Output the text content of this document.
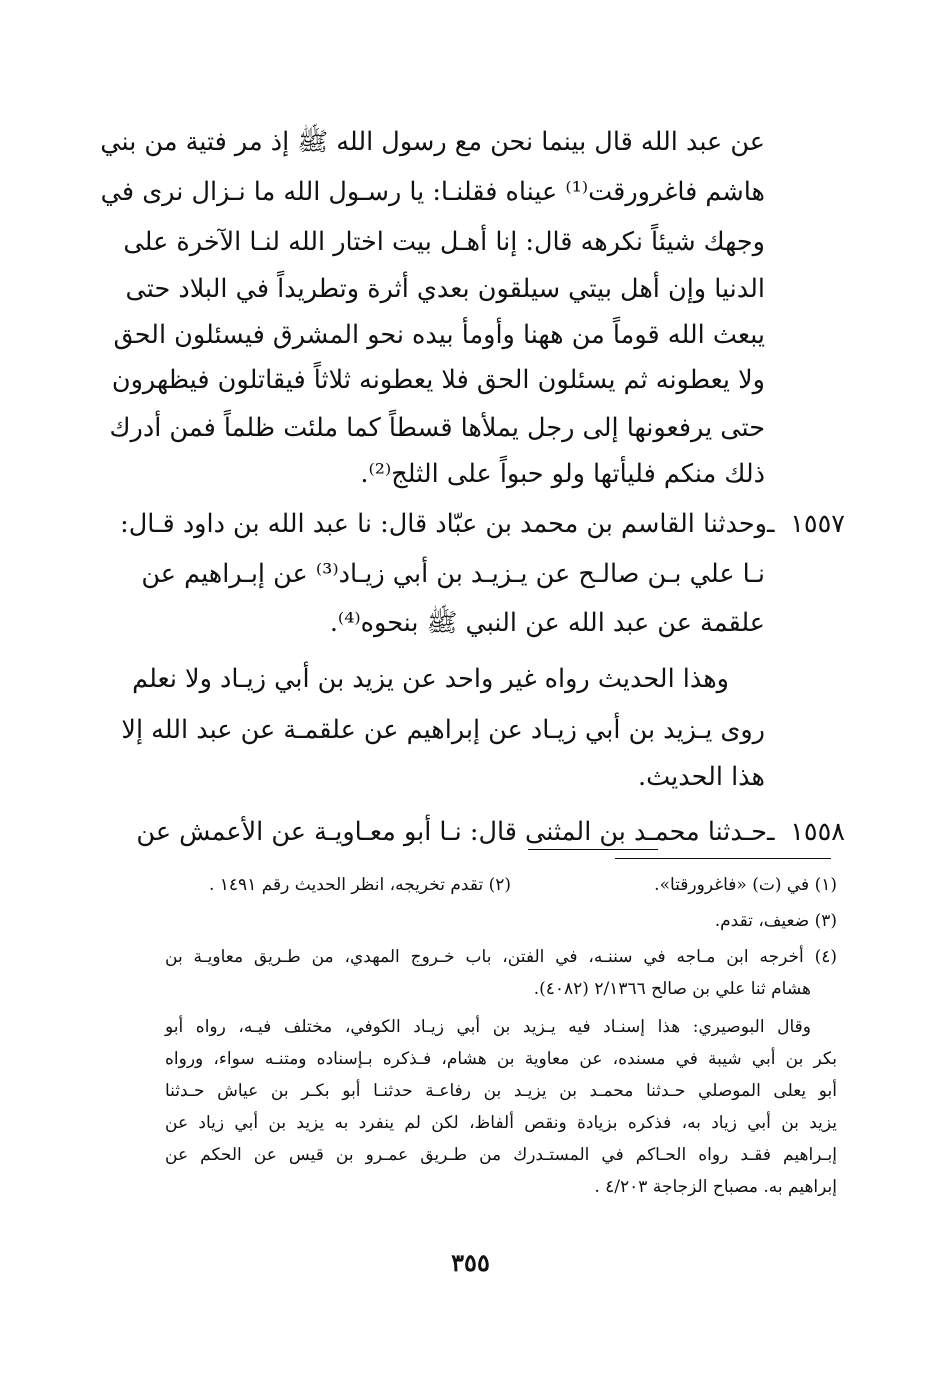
عن عبد الله قال بينما نحن مع رسول الله ﷺ إذ مر فتية من بني
هاشم فاغرورقت⁽¹⁾ عيناه فقلنـا: يا رسـول الله ما نـزال نرى في
وجهك شيئاً نكرهه قال: إنا أهـل بيت اختار الله لنـا الآخرة على
الدنيا وإن أهل بيتي سيلقون بعدي أثرة وتطريداً في البلاد حتى
يبعث الله قوماً من ههنا وأومأ بيده نحو المشرق فيسئلون الحق
ولا يعطونه ثم يسئلون الحق فلا يعطونه ثلاثاً فيقاتلون فيظهرون
حتى يرفعونها إلى رجل يملأها قسطاً كما ملئت ظلماً فمن أدرك
ذلك منكم فليأتها ولو حبواً على الثلج⁽²⁾.
١٥٥٧ ـوحدثنا القاسم بن محمد بن عبّاد قال: نا عبد الله بن داود قـال:
نـا علي بـن صالـح عن يـزيـد بن أبي زيـاد⁽³⁾ عن إبـراهيم عن
علقمة عن عبد الله عن النبي ﷺ بنحوه⁽⁴⁾.
وهذا الحديث رواه غير واحد عن يزيد بن أبي زيـاد ولا نعلم
روى يـزيد بن أبي زيـاد عن إبراهيم عن علقمـة عن عبد الله إلا
هذا الحديث.
١٥٥٨ ـحـدثنا محمـد بن المثنى قال: نـا أبو معـاويـة عن الأعمش عن
(١) في (ت) «فاغرورقتا».
(٢) تقدم تخريجه، انظر الحديث رقم ١٤٩١ .
(٣) ضعيف، تقدم.
(٤) أخرجه ابن مـاجه في سننـه، في الفتن، باب خـروج المهدي، من طـريق معاويـة بن
هشام ثنا علي بن صالح ٢/١٣٦٦ (٤٠٨٢).
وقال البوصيري: هذا إسنـاد فيه يـزيد بن أبي زيـاد الكوفي، مختلف فيـه، رواه أبو
بكر بن أبي شيبة في مسنده، عن معاوية بن هشام، فـذكره بـإسناده ومتنـه سواء، ورواه
أبو يعلى الموصلي حـدثنا محمـد بن يزيـد بن رفاعـة حدثنـا أبو بكـر بن عياش حـدثنا
يزيد بن أبي زياد به، فذكره بزيادة ونقص ألفاظ، لكن لم ينفرد به يزيد بن أبي زياد عن
إبـراهيم فقـد رواه الحـاكم في المستـدرك من طـريق عمـرو بن قيس عن الحكم عن
إبراهيم به. مصباح الزجاجة ٤/٢٠٣ .
٣٥٥
